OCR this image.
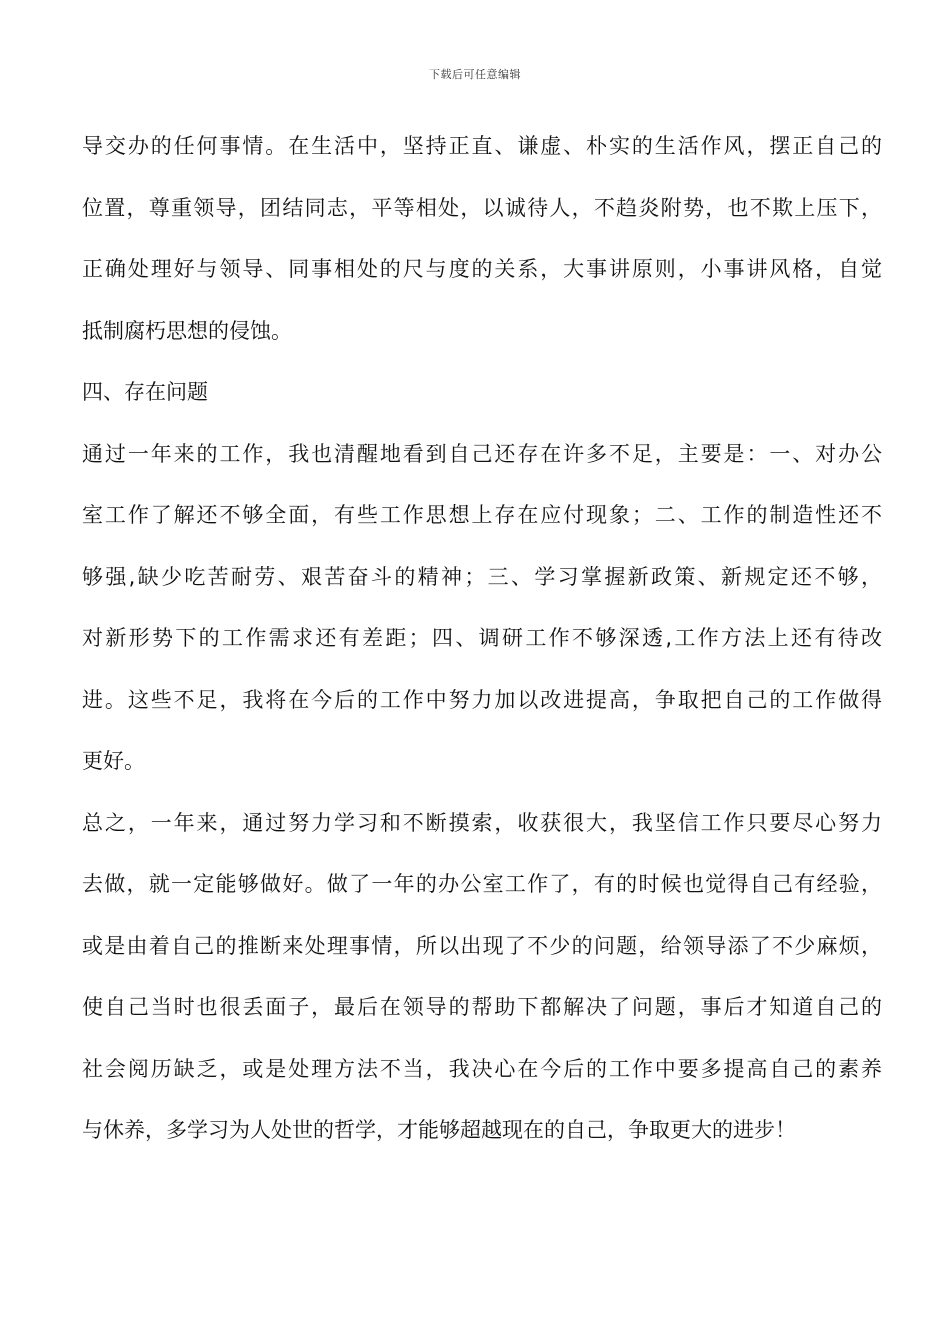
下载后可任意编辑
导交办的任何事情。在生活中，坚持正直、谦虚、朴实的生活作风，摆正自己的
位置，尊重领导，团结同志，平等相处，以诚待人，不趋炎附势，也不欺上压下，
正确处理好与领导、同事相处的尺与度的关系，大事讲原则，小事讲风格，自觉
抵制腐朽思想的侵蚀。
四、存在问题
通过一年来的工作，我也清醒地看到自己还存在许多不足，主要是：一、对办公
室工作了解还不够全面，有些工作思想上存在应付现象；二、工作的制造性还不
够强,缺少吃苦耐劳、艰苦奋斗的精神；三、学习掌握新政策、新规定还不够，
对新形势下的工作需求还有差距；四、调研工作不够深透,工作方法上还有待改
进。这些不足，我将在今后的工作中努力加以改进提高，争取把自己的工作做得
更好。
总之，一年来，通过努力学习和不断摸索，收获很大，我坚信工作只要尽心努力
去做，就一定能够做好。做了一年的办公室工作了，有的时候也觉得自己有经验，
或是由着自己的推断来处理事情，所以出现了不少的问题，给领导添了不少麻烦，
使自己当时也很丢面子，最后在领导的帮助下都解决了问题，事后才知道自己的
社会阅历缺乏，或是处理方法不当，我决心在今后的工作中要多提高自己的素养
与休养，多学习为人处世的哲学，才能够超越现在的自己，争取更大的进步！
